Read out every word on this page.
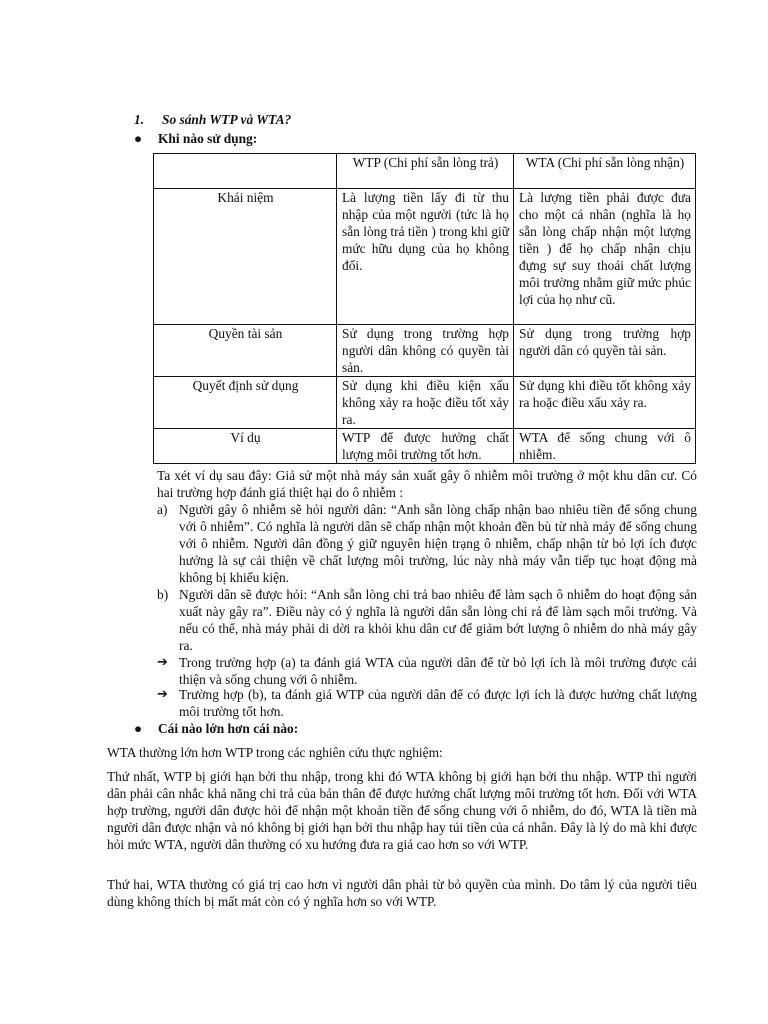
1. So sánh WTP và WTA?
● Khi nào sử dụng:
	WTP (Chi phí sẵn lòng trả)	WTA (Chi phí sẵn lòng nhận)
Khái niệm	Là lượng tiền lấy đi từ thu nhập của một người (tức là họ sẵn lòng trả tiền ) trong khi giữ mức hữu dụng của họ không đổi.	Là lượng tiền phải được đưa cho một cá nhân (nghĩa là họ sẵn lòng chấp nhận một lượng tiền ) để họ chấp nhận chịu đựng sự suy thoái chất lượng môi trường nhằm giữ mức phúc lợi của họ như cũ.
Quyền tài sản	Sử dụng trong trường hợp người dân không có quyền tài sản.	Sử dụng trong trường hợp người dân có quyền tài sản.
Quyết định sử dụng	Sử dụng khi điều kiện xấu không xảy ra hoặc điều tốt xảy ra.	Sử dụng khi điều tốt không xảy ra hoặc điều xấu xảy ra.
Ví dụ	WTP để được hưởng chất lượng môi trường tốt hơn.	WTA để sống chung với ô nhiễm.
Ta xét ví dụ sau đây: Giả sử một nhà máy sản xuất gây ô nhiễm môi trường ở một khu dân cư. Có hai trường hợp đánh giá thiệt hại do ô nhiễm :
a) Người gây ô nhiễm sẽ hỏi người dân: “Anh sẵn lòng chấp nhận bao nhiêu tiền để sống chung với ô nhiễm”. Có nghĩa là người dân sẽ chấp nhận một khoản đền bù từ nhà máy để sống chung với ô nhiễm. Người dân đồng ý giữ nguyên hiện trạng ô nhiễm, chấp nhận từ bỏ lợi ích được hưởng là sự cải thiện về chất lượng môi trường, lúc này nhà máy vẫn tiếp tục hoạt động mà không bị khiếu kiện.
b) Người dân sẽ được hỏi: “Anh sẵn lòng chi trả bao nhiêu để làm sạch ô nhiễm do hoạt động sản xuất này gây ra”. Điều này có ý nghĩa là người dân sẵn lòng chi rả để làm sạch môi trường. Và nếu có thể, nhà máy phải di dời ra khỏi khu dân cư để giảm bớt lượng ô nhiễm do nhà máy gây ra.
➔ Trong trường hợp (a) ta đánh giá WTA của người dân để từ bỏ lợi ích là môi trường được cải thiện và sống chung với ô nhiễm.
➔ Trường hợp (b), ta đánh giá WTP của người dân để có được lợi ích là được hưởng chất lượng môi trường tốt hơn.
● Cái nào lớn hơn cái nào:
WTA thường lớn hơn WTP trong các nghiên cứu thực nghiệm:
Thứ nhất, WTP bị giới hạn bởi thu nhập, trong khi đó WTA không bị giới hạn bởi thu nhập. WTP thì người dân phải cân nhắc khả năng chi trả của bản thân để được hưởng chất lượng môi trường tốt hơn. Đối với WTA hợp trường, người dân được hỏi để nhận một khoản tiền để sống chung với ô nhiễm, do đó, WTA là tiền mà người dân được nhận và nó không bị giới hạn bởi thu nhập hay túi tiền của cá nhân. Đây là lý do mà khi được hỏi mức WTA, người dân thường có xu hướng đưa ra giá cao hơn so với WTP.
Thứ hai, WTA thường có giá trị cao hơn vì người dân phải từ bỏ quyền của mình. Do tâm lý của người tiêu dùng không thích bị mất mát còn có ý nghĩa hơn so với WTP.
